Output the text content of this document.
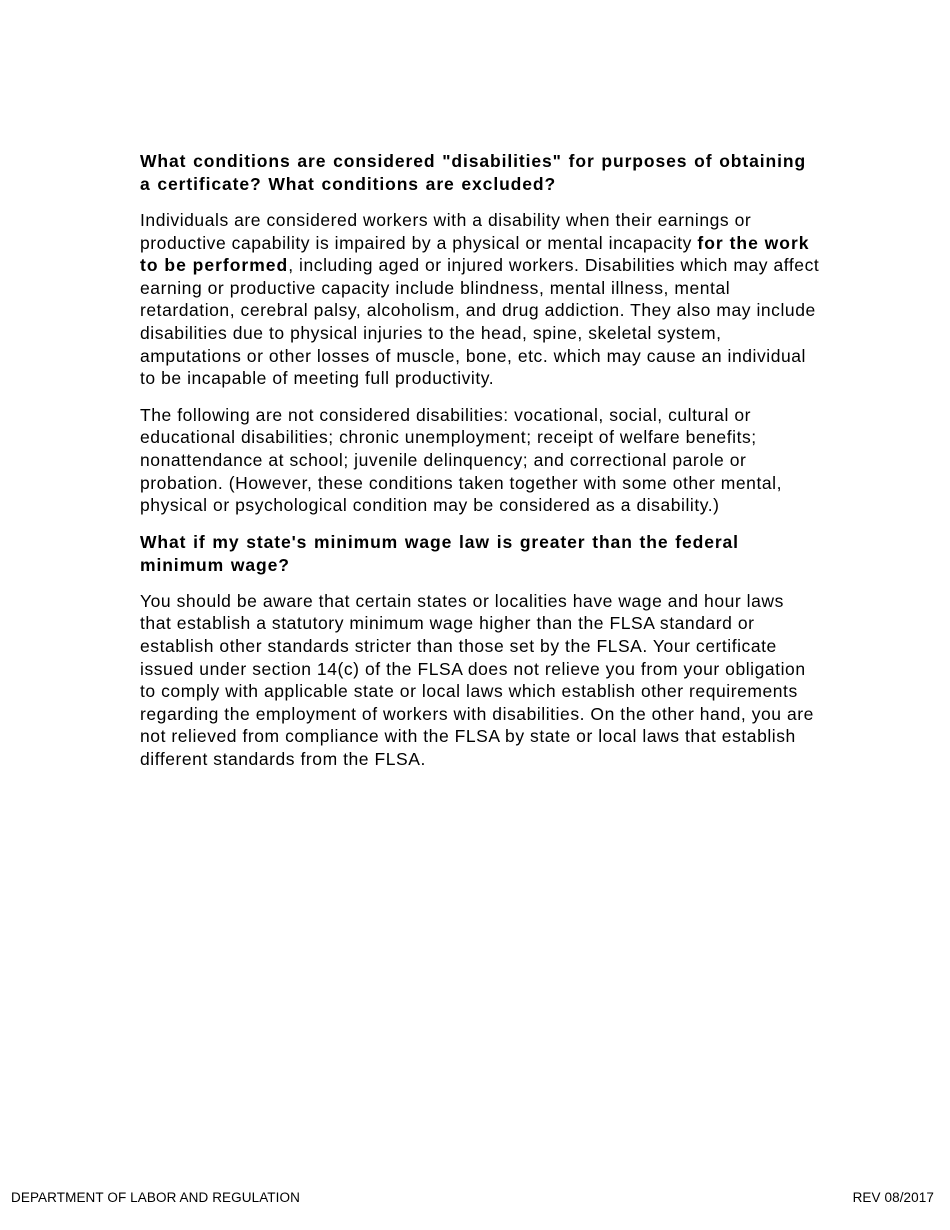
What conditions are considered "disabilities" for purposes of obtaining a certificate? What conditions are excluded?

Individuals are considered workers with a disability when their earnings or productive capability is impaired by a physical or mental incapacity for the work to be performed, including aged or injured workers. Disabilities which may affect earning or productive capacity include blindness, mental illness, mental retardation, cerebral palsy, alcoholism, and drug addiction. They also may include disabilities due to physical injuries to the head, spine, skeletal system, amputations or other losses of muscle, bone, etc. which may cause an individual to be incapable of meeting full productivity.

The following are not considered disabilities: vocational, social, cultural or educational disabilities; chronic unemployment; receipt of welfare benefits; nonattendance at school; juvenile delinquency; and correctional parole or probation. (However, these conditions taken together with some other mental, physical or psychological condition may be considered as a disability.)

What if my state's minimum wage law is greater than the federal minimum wage?

You should be aware that certain states or localities have wage and hour laws that establish a statutory minimum wage higher than the FLSA standard or establish other standards stricter than those set by the FLSA. Your certificate issued under section 14(c) of the FLSA does not relieve you from your obligation to comply with applicable state or local laws which establish other requirements regarding the employment of workers with disabilities. On the other hand, you are not relieved from compliance with the FLSA by state or local laws that establish different standards from the FLSA.

DEPARTMENT OF LABOR AND REGULATION	REV 08/2017
